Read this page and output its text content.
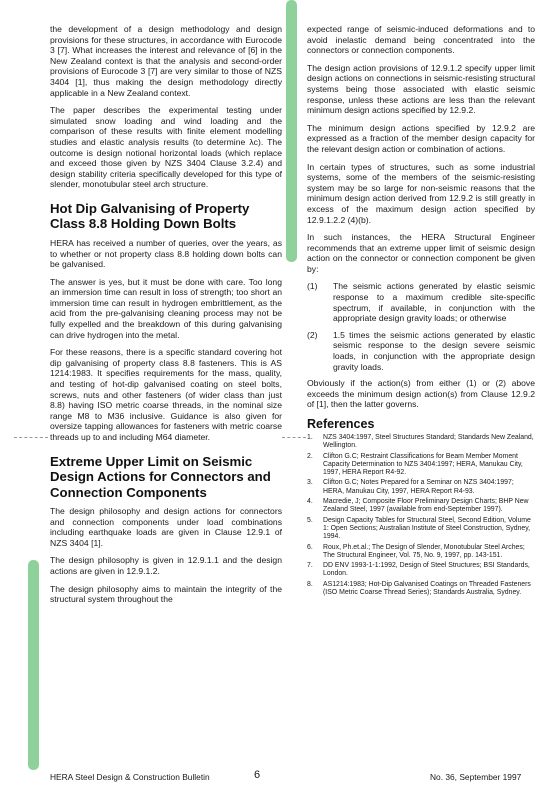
the development of a design methodology and design provisions for these structures, in accordance with Eurocode 3 [7]. What increases the interest and relevance of [6] in the New Zealand context is that the analysis and second-order provisions of Eurocode 3 [7] are very similar to those of NZS 3404 [1], thus making the design methodology directly applicable in a New Zealand context.

The paper describes the experimental testing under simulated snow loading and wind loading and the comparison of these results with finite element modelling studies and elastic analysis results (to determine λc). The outcome is design notional horizontal loads (which replace and exceed those given by NZS 3404 Clause 3.2.4) and design stability criteria specifically developed for this type of slender, monotubular steel arch structure.

Hot Dip Galvanising of Property Class 8.8 Holding Down Bolts

HERA has received a number of queries, over the years, as to whether or not property class 8.8 holding down bolts can be galvanised.

The answer is yes, but it must be done with care. Too long an immersion time can result in loss of strength; too short an immersion time can result in hydrogen embrittlement, as the acid from the pre-galvanising cleaning process may not be fully expelled and the breakdown of this during galvanising can drive hydrogen into the metal.

For these reasons, there is a specific standard covering hot dip galvanising of property class 8.8 fasteners. This is AS 1214:1983. It specifies requirements for the mass, quality, and testing of hot-dip galvanised coating on steel bolts, screws, nuts and other fasteners (of wider class than just 8.8) having ISO metric coarse threads, in the nominal size range M8 to M36 inclusive. Guidance is also given for oversize tapping allowances for fasteners with metric coarse threads up to and including M64 diameter.

Extreme Upper Limit on Seismic Design Actions for Connectors and Connection Components

The design philosophy and design actions for connectors and connection components under load combinations including earthquake loads are given in Clause 12.9.1 of NZS 3404 [1].

The design philosophy is given in 12.9.1.1 and the design actions are given in 12.9.1.2.

The design philosophy aims to maintain the integrity of the structural system throughout the

expected range of seismic-induced deformations and to avoid inelastic demand being concentrated into the connectors or connection components.

The design action provisions of 12.9.1.2 specify upper limit design actions on connections in seismic-resisting structural systems being those associated with elastic seismic response, unless these actions are less than the relevant minimum design actions specified by 12.9.2.

The minimum design actions specified by 12.9.2 are expressed as a fraction of the member design capacity for the relevant design action or combination of actions.

In certain types of structures, such as some industrial systems, some of the members of the seismic-resisting system may be so large for non-seismic reasons that the minimum design action derived from 12.9.2 is still greatly in excess of the maximum design action specified by 12.9.1.2.2 (4)(b).

In such instances, the HERA Structural Engineer recommends that an extreme upper limit of seismic design action on the connector or connection component be given by:

(1)	The seismic actions generated by elastic seismic response to a maximum credible site-specific spectrum, if available, in conjunction with the appropriate design gravity loads; or otherwise
(2)	1.5 times the seismic actions generated by elastic seismic response to the design severe seismic loads, in conjunction with the appropriate design gravity loads.

Obviously if the action(s) from either (1) or (2) above exceeds the minimum design action(s) from Clause 12.9.2 of [1], then the latter governs.

References
1.	NZS 3404:1997, Steel Structures Standard; Standards New Zealand, Wellington.
2.	Clifton G.C; Restraint Classifications for Beam Member Moment Capacity Determination to NZS 3404:1997; HERA, Manukau City, 1997, HERA Report R4-92.
3.	Clifton G.C; Notes Prepared for a Seminar on NZS 3404:1997; HERA, Manukau City, 1997, HERA Report R4-93.
4.	Macredie, J; Composite Floor Preliminary Design Charts; BHP New Zealand Steel, 1997 (available from end-September 1997).
5.	Design Capacity Tables for Structural Steel, Second Edition, Volume 1: Open Sections; Australian Institute of Steel Construction, Sydney, 1994.
6.	Roux, Ph.et.al.; The Design of Slender, Monotubular Steel Arches; The Structural Engineer, Vol. 75, No. 9, 1997, pp. 143-151.
7.	DD ENV 1993-1-1:1992, Design of Steel Structures; BSI Standards, London.
8.	AS1214:1983; Hot-Dip Galvanised Coatings on Threaded Fasteners (ISO Metric Coarse Thread Series); Standards Australia, Sydney.
HERA Steel Design & Construction Bulletin	6	No. 36, September 1997
